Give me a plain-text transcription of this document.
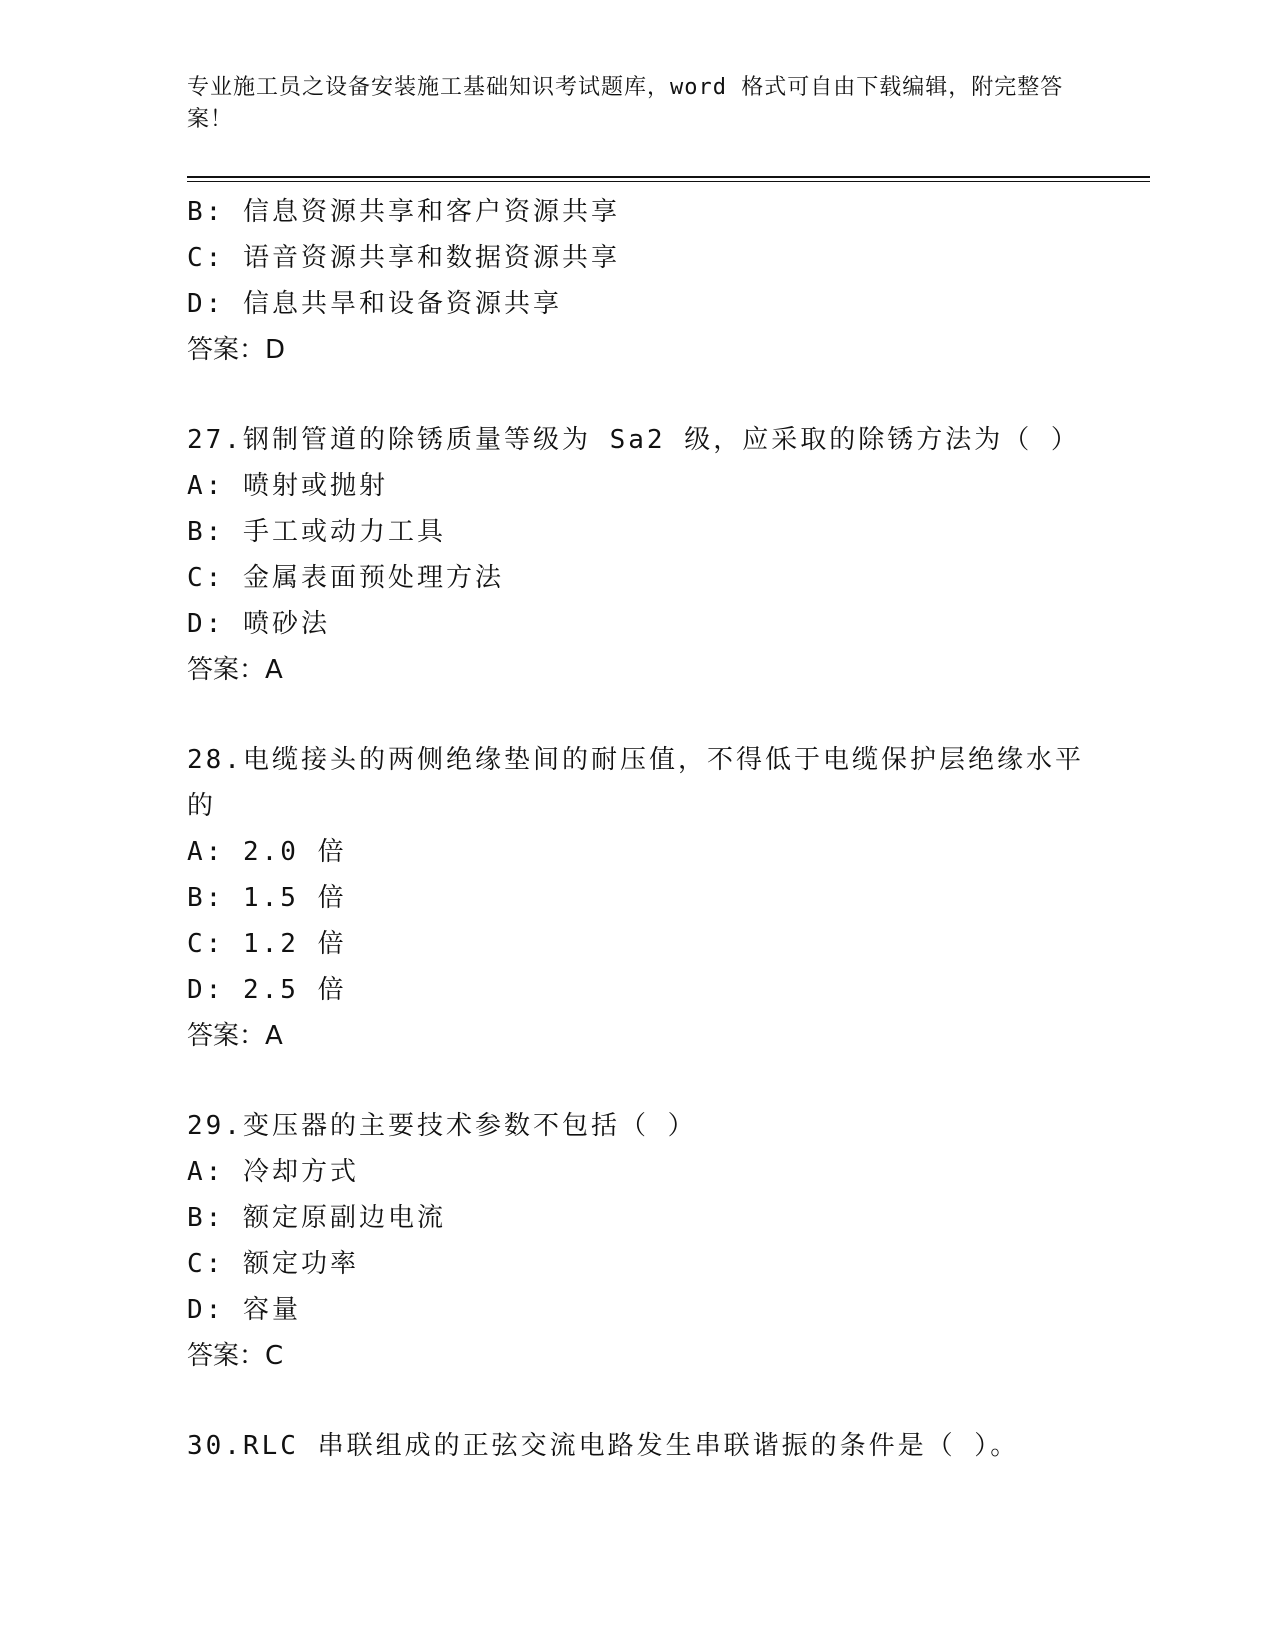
专业施工员之设备安装施工基础知识考试题库，word 格式可自由下载编辑，附完整答案！

B: 信息资源共享和客户资源共享
C: 语音资源共享和数据资源共享
D: 信息共旱和设备资源共享
答案：D
27.钢制管道的除锈质量等级为 Sa2 级，应采取的除锈方法为（ ）
A: 喷射或抛射
B: 手工或动力工具
C: 金属表面预处理方法
D: 喷砂法
答案：A
28.电缆接头的两侧绝缘垫间的耐压值，不得低于电缆保护层绝缘水平
的
A: 2.0 倍
B: 1.5 倍
C: 1.2 倍
D: 2.5 倍
答案：A
29.变压器的主要技术参数不包括（ ）
A: 冷却方式
B: 额定原副边电流
C: 额定功率
D: 容量
答案：C
30.RLC 串联组成的正弦交流电路发生串联谐振的条件是（ ）。
